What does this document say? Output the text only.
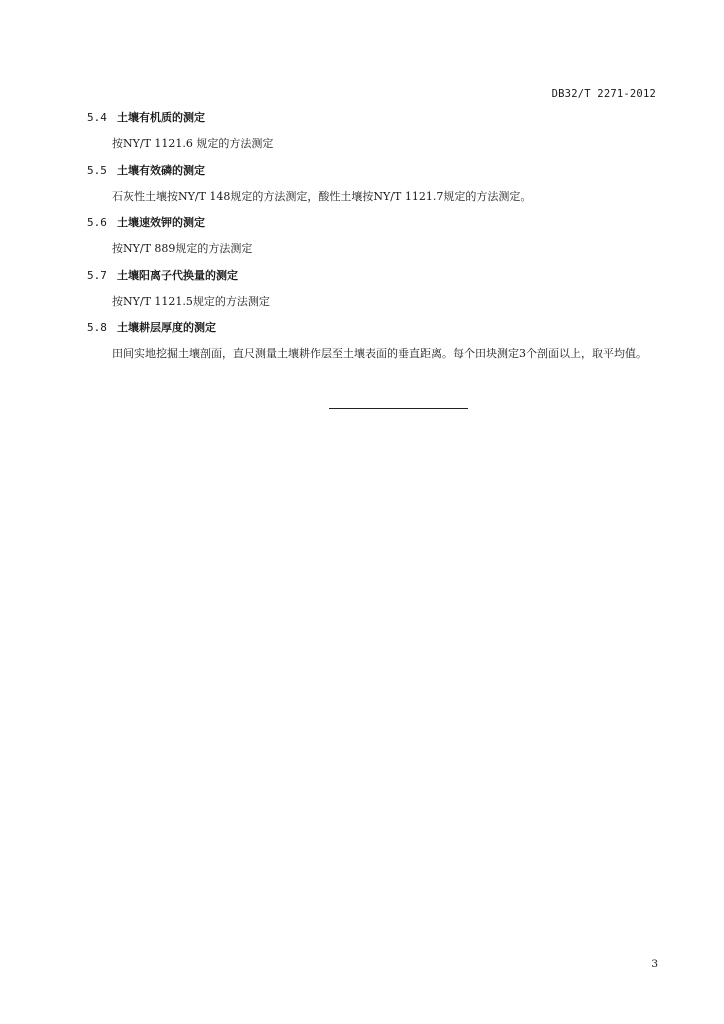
DB32/T 2271-2012
5.4 土壤有机质的测定
按NY/T 1121.6 规定的方法测定
5.5 土壤有效磷的测定
石灰性土壤按NY/T 148规定的方法测定，酸性土壤按NY/T 1121.7规定的方法测定。
5.6 土壤速效钾的测定
按NY/T 889规定的方法测定
5.7 土壤阳离子代换量的测定
按NY/T 1121.5规定的方法测定
5.8 土壤耕层厚度的测定
田间实地挖掘土壤剖面，直尺测量土壤耕作层至土壤表面的垂直距离。每个田块测定3个剖面以上，取平均值。
3
